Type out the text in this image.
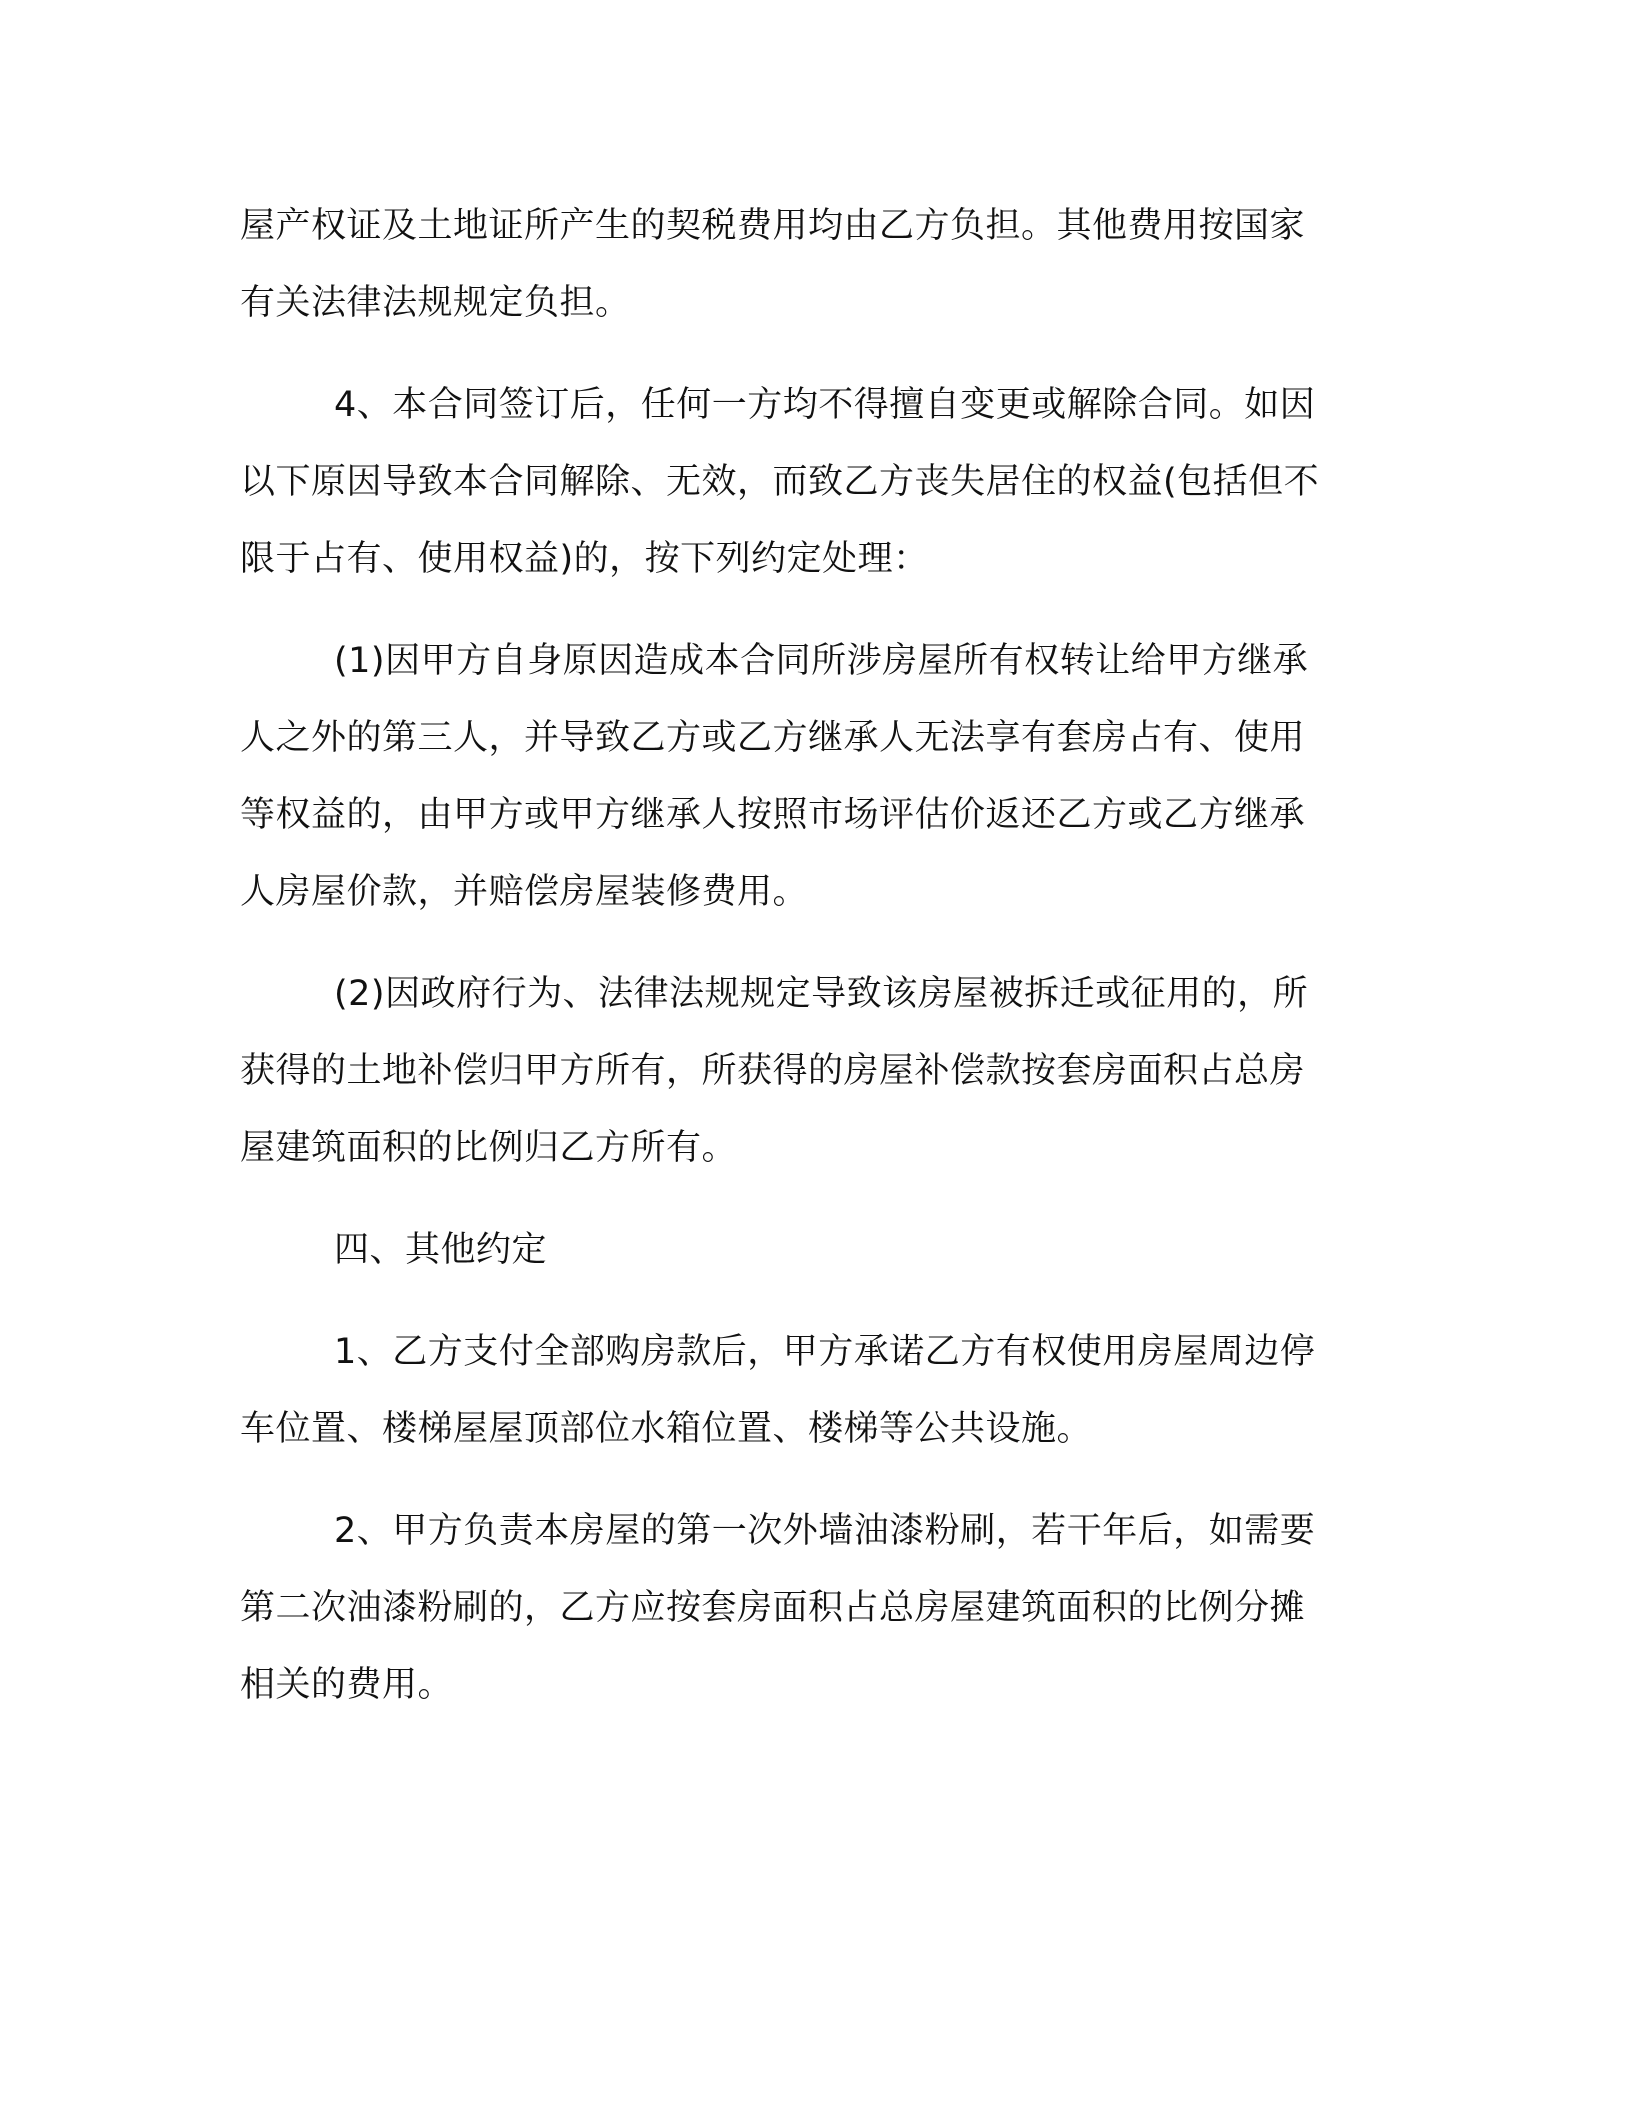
屋产权证及土地证所产生的契税费用均由乙方负担。其他费用按国家
有关法律法规规定负担。
4、本合同签订后，任何一方均不得擅自变更或解除合同。如因
以下原因导致本合同解除、无效，而致乙方丧失居住的权益(包括但不
限于占有、使用权益)的，按下列约定处理：
(1)因甲方自身原因造成本合同所涉房屋所有权转让给甲方继承
人之外的第三人，并导致乙方或乙方继承人无法享有套房占有、使用
等权益的，由甲方或甲方继承人按照市场评估价返还乙方或乙方继承
人房屋价款，并赔偿房屋装修费用。
(2)因政府行为、法律法规规定导致该房屋被拆迁或征用的，所
获得的土地补偿归甲方所有，所获得的房屋补偿款按套房面积占总房
屋建筑面积的比例归乙方所有。
四、其他约定
1、乙方支付全部购房款后，甲方承诺乙方有权使用房屋周边停
车位置、楼梯屋屋顶部位水箱位置、楼梯等公共设施。
2、甲方负责本房屋的第一次外墙油漆粉刷，若干年后，如需要
第二次油漆粉刷的，乙方应按套房面积占总房屋建筑面积的比例分摊
相关的费用。
